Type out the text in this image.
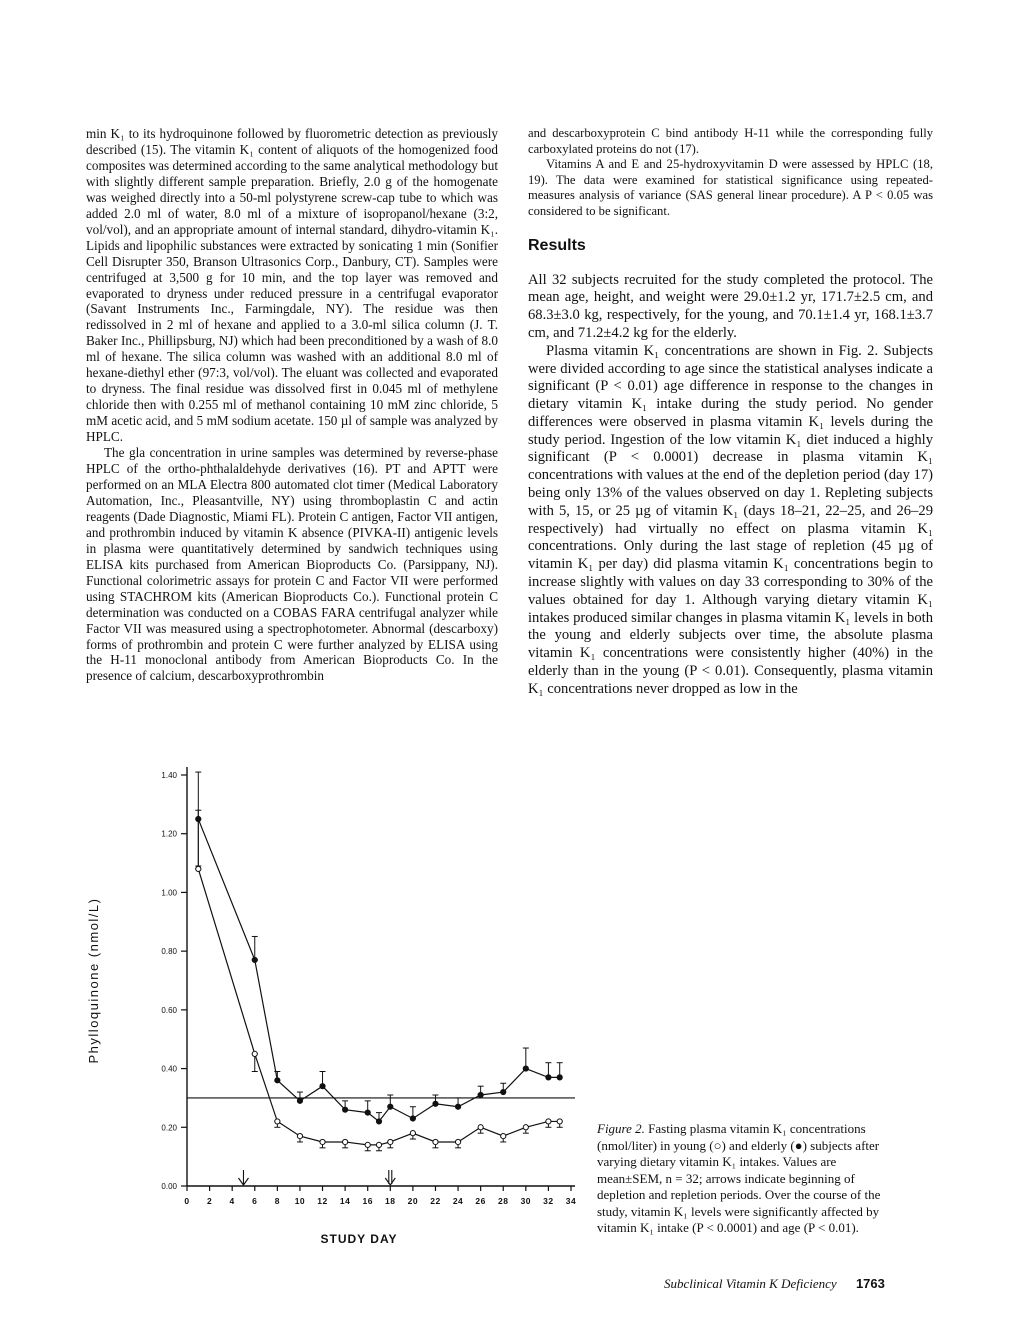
min K₁ to its hydroquinone followed by fluorometric detection as previously described (15). The vitamin K₁ content of aliquots of the homogenized food composites was determined according to the same analytical methodology but with slightly different sample preparation. Briefly, 2.0 g of the homogenate was weighed directly into a 50-ml polystyrene screw-cap tube to which was added 2.0 ml of water, 8.0 ml of a mixture of isopropanol/hexane (3:2, vol/vol), and an appropriate amount of internal standard, dihydro-vitamin K₁. Lipids and lipophilic substances were extracted by sonicating 1 min (Sonifier Cell Disrupter 350, Branson Ultrasonics Corp., Danbury, CT). Samples were centrifuged at 3,500 g for 10 min, and the top layer was removed and evaporated to dryness under reduced pressure in a centrifugal evaporator (Savant Instruments Inc., Farmingdale, NY). The residue was then redissolved in 2 ml of hexane and applied to a 3.0-ml silica column (J. T. Baker Inc., Phillipsburg, NJ) which had been preconditioned by a wash of 8.0 ml of hexane. The silica column was washed with an additional 8.0 ml of hexane-diethyl ether (97:3, vol/vol). The eluant was collected and evaporated to dryness. The final residue was dissolved first in 0.045 ml of methylene chloride then with 0.255 ml of methanol containing 10 mM zinc chloride, 5 mM acetic acid, and 5 mM sodium acetate. 150 µl of sample was analyzed by HPLC.

The gla concentration in urine samples was determined by reverse-phase HPLC of the ortho-phthalaldehyde derivatives (16). PT and APTT were performed on an MLA Electra 800 automated clot timer (Medical Laboratory Automation, Inc., Pleasantville, NY) using thromboplastin C and actin reagents (Dade Diagnostic, Miami FL). Protein C antigen, Factor VII antigen, and prothrombin induced by vitamin K absence (PIVKA-II) antigenic levels in plasma were quantitatively determined by sandwich techniques using ELISA kits purchased from American Bioproducts Co. (Parsippany, NJ). Functional colorimetric assays for protein C and Factor VII were performed using STACHROM kits (American Bioproducts Co.). Functional protein C determination was conducted on a COBAS FARA centrifugal analyzer while Factor VII was measured using a spectrophotometer. Abnormal (descarboxy) forms of prothrombin and protein C were further analyzed by ELISA using the H-11 monoclonal antibody from American Bioproducts Co. In the presence of calcium, descarboxyprothrombin

and descarboxyprotein C bind antibody H-11 while the corresponding fully carboxylated proteins do not (17).

Vitamins A and E and 25-hydroxyvitamin D were assessed by HPLC (18, 19). The data were examined for statistical significance using repeated-measures analysis of variance (SAS general linear procedure). A P < 0.05 was considered to be significant.

Results

All 32 subjects recruited for the study completed the protocol. The mean age, height, and weight were 29.0±1.2 yr, 171.7±2.5 cm, and 68.3±3.0 kg, respectively, for the young, and 70.1±1.4 yr, 168.1±3.7 cm, and 71.2±4.2 kg for the elderly.

Plasma vitamin K₁ concentrations are shown in Fig. 2. Subjects were divided according to age since the statistical analyses indicate a significant (P < 0.01) age difference in response to the changes in dietary vitamin K₁ intake during the study period. No gender differences were observed in plasma vitamin K₁ levels during the study period. Ingestion of the low vitamin K₁ diet induced a highly significant (P < 0.0001) decrease in plasma vitamin K₁ concentrations with values at the end of the depletion period (day 17) being only 13% of the values observed on day 1. Repleting subjects with 5, 15, or 25 µg of vitamin K₁ (days 18–21, 22–25, and 26–29 respectively) had virtually no effect on plasma vitamin K₁ concentrations. Only during the last stage of repletion (45 µg of vitamin K₁ per day) did plasma vitamin K₁ concentrations begin to increase slightly with values on day 33 corresponding to 30% of the values obtained for day 1. Although varying dietary vitamin K₁ intakes produced similar changes in plasma vitamin K₁ levels in both the young and elderly subjects over time, the absolute plasma vitamin K₁ concentrations were consistently higher (40%) in the elderly than in the young (P < 0.01). Consequently, plasma vitamin K₁ concentrations never dropped as low in the

0.00
0.20
0.40
0.60
0.80
1.00
1.20
1.40
0 2 4 6 8 10 12 14 16 18 20 22 24 26 28 30 32 34
STUDY DAY
Phylloquinone (nmol/L)
Figure 2. Fasting plasma vitamin K₁ concentrations (nmol/liter) in young (○) and elderly (●) subjects after varying dietary vitamin K₁ intakes. Values are mean±SEM, n = 32; arrows indicate beginning of depletion and repletion periods. Over the course of the study, vitamin K₁ levels were significantly affected by vitamin K₁ intake (P < 0.0001) and age (P < 0.01).
Subclinical Vitamin K Deficiency 1763
